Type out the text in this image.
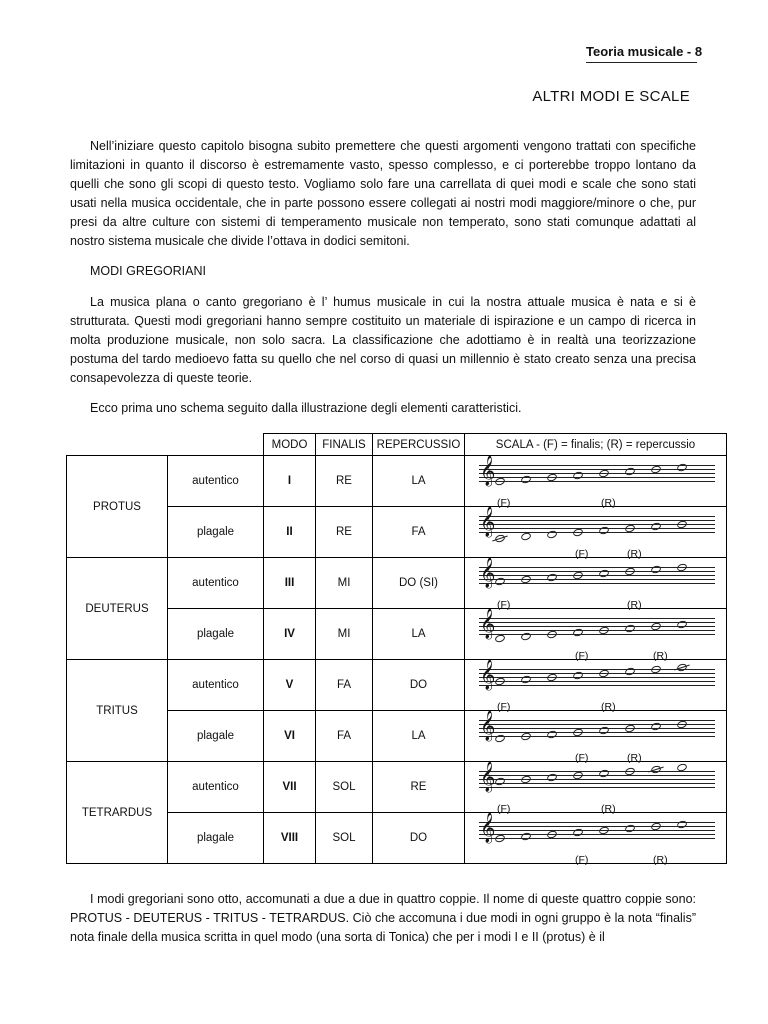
Teoria musicale - 8
ALTRI MODI E SCALE

Nell’iniziare questo capitolo bisogna subito premettere che questi argomenti vengono trattati con specifiche limitazioni in quanto il discorso è estremamente vasto, spesso complesso, e ci porterebbe troppo lontano da quelli che sono gli scopi di questo testo. Vogliamo solo fare una carrellata di quei modi e scale che sono stati usati nella musica occidentale, che in parte possono essere collegati ai nostri modi maggiore/minore o che, pur presi da altre culture con sistemi di temperamento musicale non temperato, sono stati comunque adattati al nostro sistema musicale che divide l’ottava in dodici semitoni.

MODI GREGORIANI

La musica plana o canto gregoriano è l’ humus musicale in cui la nostra attuale musica è nata e si è strutturata. Questi modi gregoriani hanno sempre costituito un materiale di ispirazione e un campo di ricerca in molta produzione musicale, non solo sacra. La classificazione che adottiamo è in realtà una teorizzazione postuma del tardo medioevo fatta su quello che nel corso di quasi un millennio è stato creato senza una precisa consapevolezza di queste teorie.

Ecco prima uno schema seguito dalla illustrazione degli elementi caratteristici.
		MODO	FINALIS	REPERCUSSIO	SCALA - (F) = finalis; (R) = repercussio
PROTUS	autentico	I	RE	LA	𝄞
(F) (R)

	plagale	II	RE	FA	𝄞
(F) (R)

DEUTERUS	autentico	III	MI	DO (SI)	𝄞
(F) (R)

	plagale	IV	MI	LA	𝄞
(F) (R)

TRITUS	autentico	V	FA	DO	𝄞
(F) (R)

	plagale	VI	FA	LA	𝄞
(F) (R)

TETRARDUS	autentico	VII	SOL	RE	𝄞
(F) (R)

	plagale	VIII	SOL	DO	𝄞
(F) (R)

I modi gregoriani sono otto, accomunati a due a due in quattro coppie. Il nome di queste quattro coppie sono: PROTUS - DEUTERUS - TRITUS - TETRARDUS. Ciò che accomuna i due modi in ogni gruppo è la nota “finalis” nota finale della musica scritta in quel modo (una sorta di Tonica) che per i modi I e II (protus) è il
